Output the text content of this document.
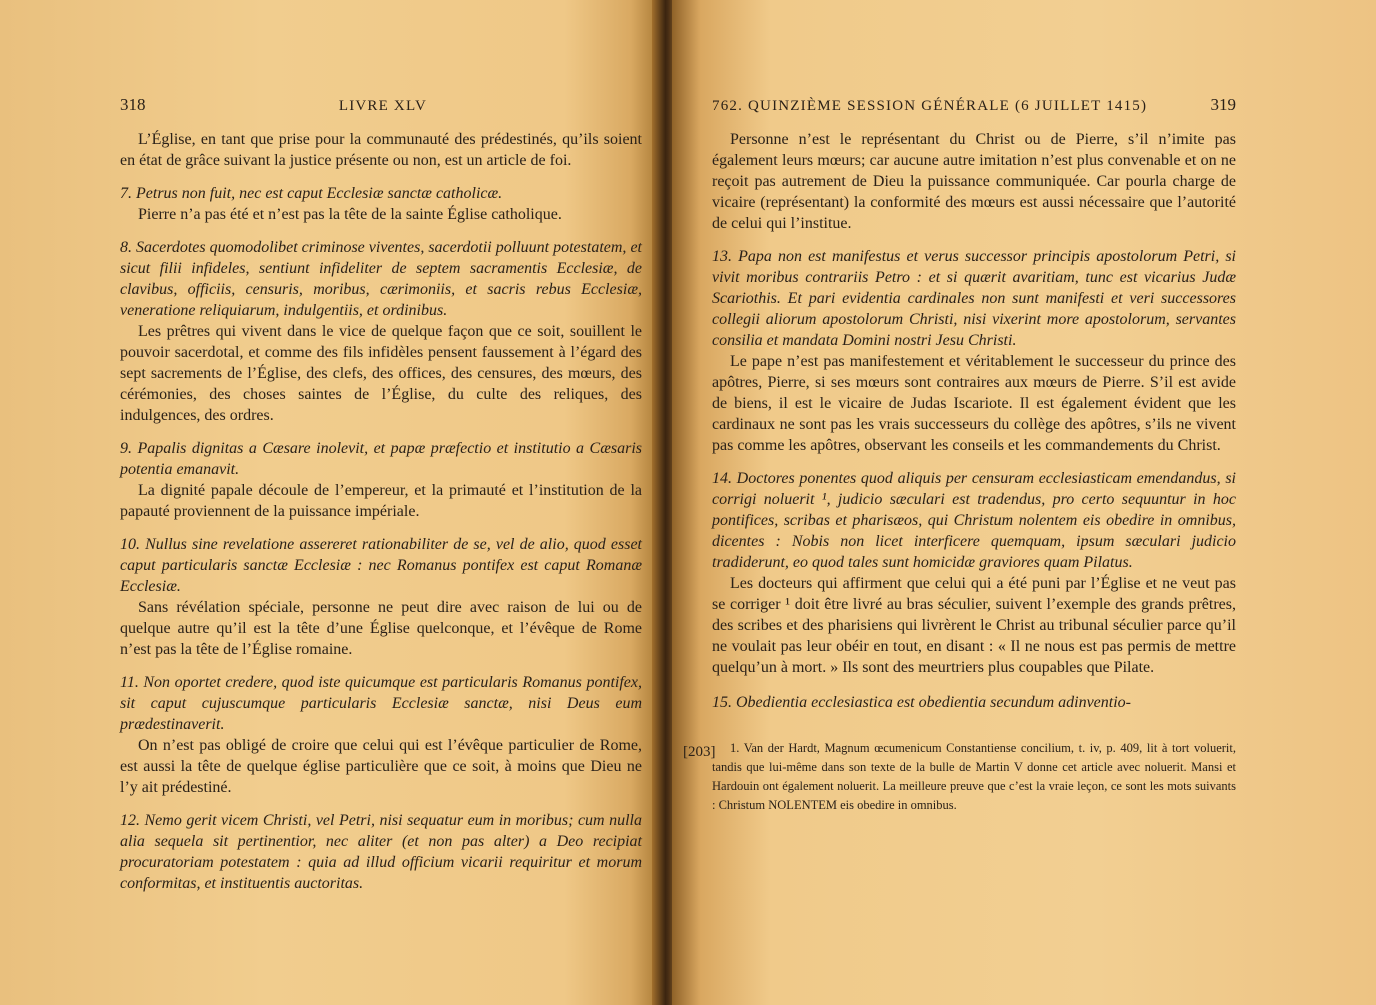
318	LIVRE XLV

L’Église, en tant que prise pour la communauté des prédestinés, qu’ils soient en état de grâce suivant la justice présente ou non, est un article de foi.

7. Petrus non fuit, nec est caput Ecclesiæ sanctæ catholicæ.

Pierre n’a pas été et n’est pas la tête de la sainte Église catholique.

8. Sacerdotes quomodolibet criminose viventes, sacerdotii polluunt potestatem, et sicut filii infideles, sentiunt infideliter de septem sacramentis Ecclesiæ, de clavibus, officiis, censuris, moribus, cærimoniis, et sacris rebus Ecclesiæ, veneratione reliquiarum, indulgentiis, et ordinibus.

Les prêtres qui vivent dans le vice de quelque façon que ce soit, souillent le pouvoir sacerdotal, et comme des fils infidèles pensent faussement à l’égard des sept sacrements de l’Église, des clefs, des offices, des censures, des mœurs, des cérémonies, des choses saintes de l’Église, du culte des reliques, des indulgences, des ordres.

9. Papalis dignitas a Cæsare inolevit, et papæ præfectio et institutio a Cæsaris potentia emanavit.

La dignité papale découle de l’empereur, et la primauté et l’institution de la papauté proviennent de la puissance impériale.

10. Nullus sine revelatione assereret rationabiliter de se, vel de alio, quod esset caput particularis sanctæ Ecclesiæ : nec Romanus pontifex est caput Romanæ Ecclesiæ.

Sans révélation spéciale, personne ne peut dire avec raison de lui ou de quelque autre qu’il est la tête d’une Église quelconque, et l’évêque de Rome n’est pas la tête de l’Église romaine.

11. Non oportet credere, quod iste quicumque est particularis Romanus pontifex, sit caput cujuscumque particularis Ecclesiæ sanctæ, nisi Deus eum prædestinaverit.

On n’est pas obligé de croire que celui qui est l’évêque particulier de Rome, est aussi la tête de quelque église particulière que ce soit, à moins que Dieu ne l’y ait prédestiné.

12. Nemo gerit vicem Christi, vel Petri, nisi sequatur eum in moribus; cum nulla alia sequela sit pertinentior, nec aliter (et non pas alter) a Deo recipiat procuratoriam potestatem : quia ad illud officium vicarii requiritur et morum conformitas, et instituentis auctoritas.

762. QUINZIÈME SESSION GÉNÉRALE (6 JUILLET 1415)	319

Personne n’est le représentant du Christ ou de Pierre, s’il n’imite pas également leurs mœurs; car aucune autre imitation n’est plus convenable et on ne reçoit pas autrement de Dieu la puissance communiquée. Car pourla charge de vicaire (représentant) la conformité des mœurs est aussi nécessaire que l’autorité de celui qui l’institue.

13. Papa non est manifestus et verus successor principis apostolorum Petri, si vivit moribus contrariis Petro : et si quærit avaritiam, tunc est vicarius Judæ Scariothis. Et pari evidentia cardinales non sunt manifesti et veri successores collegii aliorum apostolorum Christi, nisi vixerint more apostolorum, servantes consilia et mandata Domini nostri Jesu Christi.

Le pape n’est pas manifestement et véritablement le successeur du prince des apôtres, Pierre, si ses mœurs sont contraires aux mœurs de Pierre. S’il est avide de biens, il est le vicaire de Judas Iscariote. Il est également évident que les cardinaux ne sont pas les vrais successeurs du collège des apôtres, s’ils ne vivent pas comme les apôtres, observant les conseils et les commandements du Christ.

14. Doctores ponentes quod aliquis per censuram ecclesiasticam emendandus, si corrigi noluerit ¹, judicio sæculari est tradendus, pro certo sequuntur in hoc pontifices, scribas et pharisæos, qui Christum nolentem eis obedire in omnibus, dicentes : Nobis non licet interficere quemquam, ipsum sæculari judicio tradiderunt, eo quod tales sunt homicidæ graviores quam Pilatus.

Les docteurs qui affirment que celui qui a été puni par l’Église et ne veut pas se corriger ¹ doit être livré au bras séculier, suivent l’exemple des grands prêtres, des scribes et des pharisiens qui livrèrent le Christ au tribunal séculier parce qu’il ne voulait pas leur obéir en tout, en disant : « Il ne nous est pas permis de mettre quelqu’un à mort. » Ils sont des meurtriers plus coupables que Pilate.

15. Obedientia ecclesiastica est obedientia secundum adinventio-

1. Van der Hardt, Magnum œcumenicum Constantiense concilium, t. iv, p. 409, lit à tort voluerit, tandis que lui-même dans son texte de la bulle de Martin V donne cet article avec noluerit. Mansi et Hardouin ont également noluerit. La meilleure preuve que c’est la vraie leçon, ce sont les mots suivants : Christum NOLENTEM eis obedire in omnibus.

[203]
